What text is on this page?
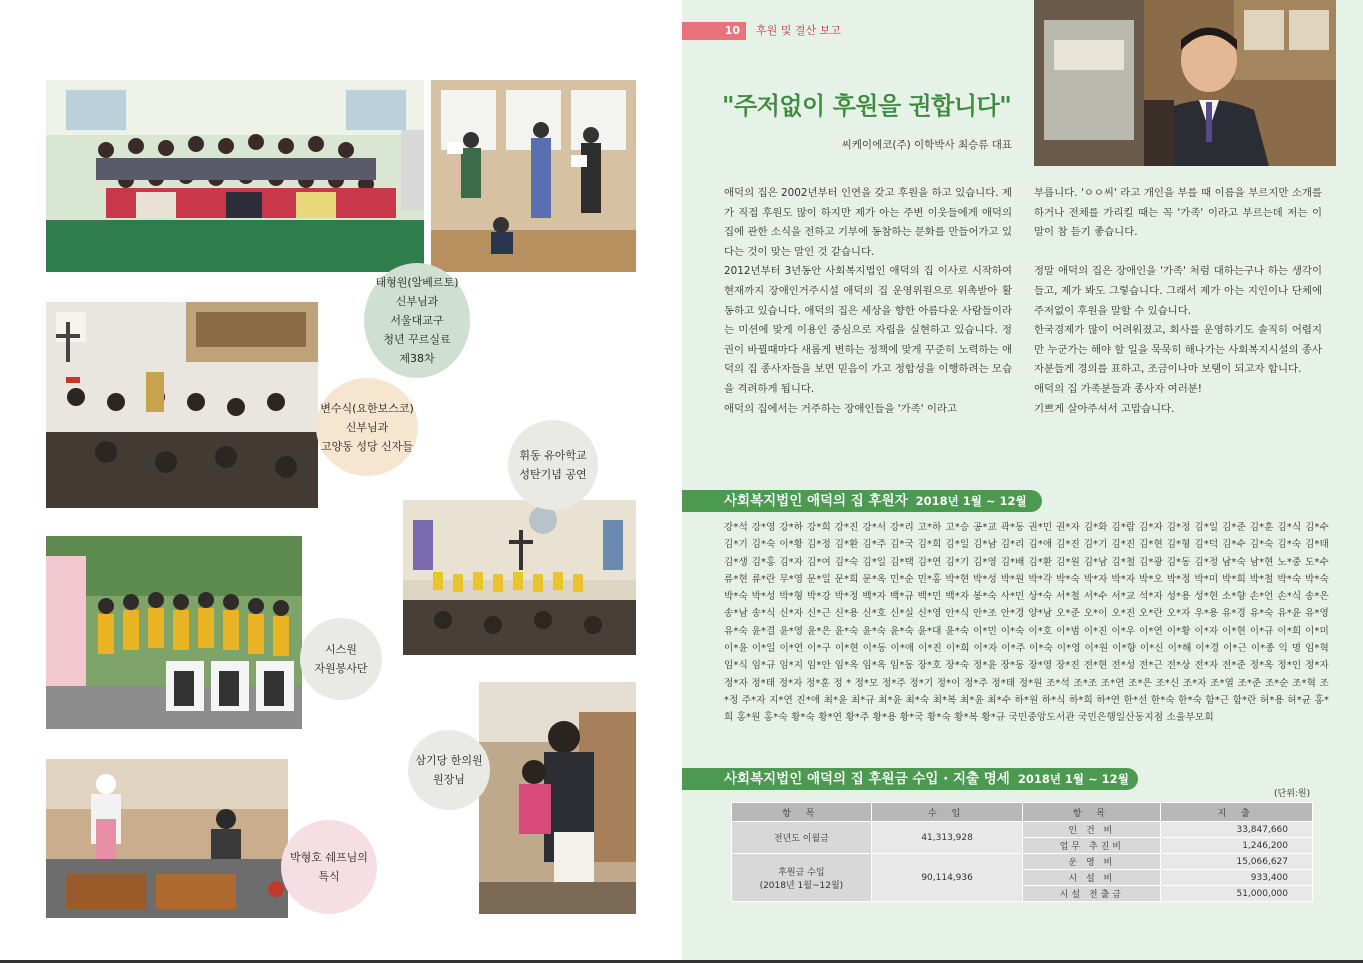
태형원(알베르토)
신부님과
서울대교구
청년 꾸르실료
제38차
변수식(요한보스코)
신부님과
고양동 성당 신자들
휘동 유아학교
성탄기념 공연
시스원
자원봉사단
삼기당 한의원
원장님
박형호 쉐프님의
특식
10	후원 및 결산 보고
"주저없이 후원을 권합니다"
씨케이에코(주) 이학박사 최승류 대표

애덕의 집은 2002년부터 인연을 갖고 후원을 하고 있습니다. 제가 직접 후원도 많이 하지만 제가 아는 주변 이웃들에게 애덕의 집에 관한 소식을 전하고 기부에 동참하는 문화를 만들어가고 있다는 것이 맞는 말인 것 같습니다.

2012년부터 3년동안 사회복지법인 애덕의 집 이사로 시작하여 현재까지 장애인거주시설 애덕의 집 운영위원으로 위촉받아 활동하고 있습니다. 애덕의 집은 세상을 향한 아름다운 사람들이라는 미션에 맞게 이용인 중심으로 자립을 실현하고 있습니다. 정권이 바뀔때마다 새롭게 변하는 정책에 맞게 꾸준히 노력하는 애덕의 집 종사자들을 보면 믿음이 가고 정합성을 이행하려는 모습을 격려하게 됩니다.

애덕의 집에서는 거주하는 장애인들을 '가족' 이라고

부릅니다. 'ㅇㅇ씨' 라고 개인을 부를 때 이름을 부르지만 소개를 하거나 전체를 가리킬 때는 꼭 '가족' 이라고 부르는데 저는 이 말이 참 듣기 좋습니다.

정말 애덕의 집은 장애인을 '가족' 처럼 대하는구나 하는 생각이 들고, 제가 봐도 그렇습니다. 그래서 제가 아는 지인이나 단체에 주저없이 후원을 말할 수 있습니다.

한국경제가 많이 어려워졌고, 회사를 운영하기도 솔직히 어렵지만 누군가는 해야 할 일을 묵묵히 해나가는 사회복지시설의 종사자분들게 경의를 표하고, 조금이나마 보탬이 되고자 합니다.

애덕의 집 가족분들과 종사자 여러분!

기쁘게 살아주셔서 고맙습니다.

사회복지법인 애덕의 집 후원자 2018년 1월 ~ 12월
강*석 강*영 강*하 강*희 강*진 강*서 강*리 고*하 고*승 공*교 곽*동 권*민 권*자 김*화 김*람 김*자 김*정 김*일 김*준 김*훈 김*식 김*수 김*기 김*숙 이*황 김*정 김*환 김*주 김*국 김*희 김*일 김*남 김*리 김*애 김*진 김*기 김*진 김*현 김*형 김*덕 김*수 김*숙 김*숙 김*태 김*생 김*홍 김*자 김*여 김*숙 김*일 김*택 김*연 김*기 김*영 김*배 김*환 김*원 김*남 김*철 김*광 김*동 김*정 남*숙 남*현 노*중 도*수 류*현 류*란 무*영 문*일 문*희 문*옥 민*순 민*홍 박*현 박*성 박*원 박*각 박*숙 박*자 박*자 박*오 박*정 박*미 박*희 박*철 박*숙 박*숙 박*숙 박*성 박*형 박*강 박*정 백*자 백*규 백*민 백*자 봉*숙 사*민 상*숙 서*철 서*수 서*교 석*자 성*용 성*현 소*향 손*언 손*식 송*은 송*남 송*식 신*자 신*근 신*용 신*호 신*실 신*영 안*식 안*조 안*경 양*남 오*준 오*이 오*진 오*란 오*자 우*용 유*경 유*숙 유*윤 유*영 유*숙 윤*결 윤*영 윤*은 윤*숙 윤*숙 윤*숙 윤*대 윤*숙 이*민 이*숙 이*호 이*범 이*진 이*우 이*연 이*황 이*자 이*현 이*규 이*희 이*미 이*윤 이*일 이*연 이*구 이*현 이*동 이*애 이*진 이*희 이*자 이*주 이*숙 이*영 이*원 이*향 이*신 이*해 이*경 이*근 이*종 익 명 임*혁 임*식 임*규 임*지 임*안 임*옥 임*옥 임*동 장*호 장*숙 정*윤 장*동 장*영 장*진 전*현 전*성 전*근 전*상 전*자 전*준 정*옥 정*인 정*자 정*자 정*태 정*자 정*훈 정 * 정*모 정*주 정*기 정*이 정*주 정*태 정*원 조*석 조*조 조*연 조*은 조*신 조*자 조*열 조*준 조*순 조*혁 조*정 주*자 지*연 진*애 최*윤 최*규 최*윤 최*숙 최*복 최*윤 최*수 하*원 하*식 하*희 하*연 한*선 한*숙 한*숙 함*근 함*란 허*용 허*균 홍*희 홍*원 홍*숙 황*숙 황*연 황*주 황*용 황*국 황*숙 황*복 황*규 국민중앙도서관 국민은행일산동지점 소울부모회
사회복지법인 애덕의 집 후원금 수입 · 지출 명세 2018년 1월 ~ 12월
(단위:원)
항 목	수 입	항 목	지 출
전년도 이월금	41,313,928	인 건 비	33,847,660
		업무 추진비	1,246,200

후원금 수입
(2018년 1월~12월)	90,114,936	운 영 비	15,066,627
		시 설 비	933,400
		시설 전출금	51,000,000
